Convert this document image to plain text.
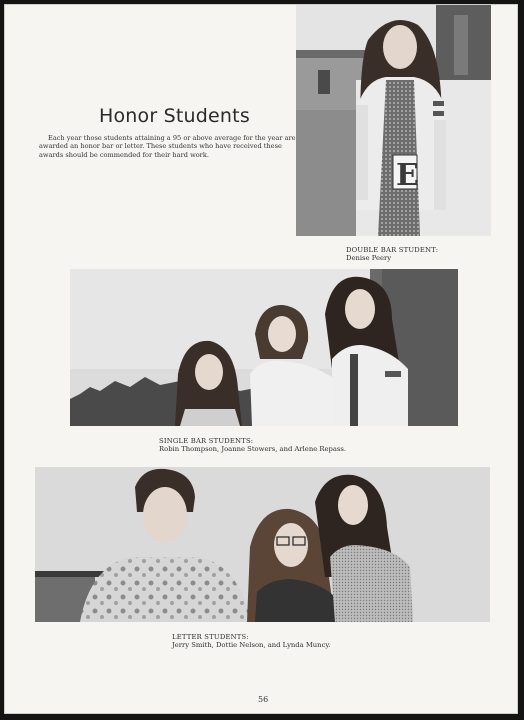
Honor Students

Each year those students attaining a 95 or above average for the year are awarded an honor bar or letter. These students who have received these awards should be commended for their hard work.

E

DOUBLE BAR STUDENT:
Denise Peery

SINGLE BAR STUDENTS:
Robin Thompson, Joanne Stowers, and Arlene Repass.

LETTER STUDENTS:
Jerry Smith, Dottie Nelson, and Lynda Muncy.

56
